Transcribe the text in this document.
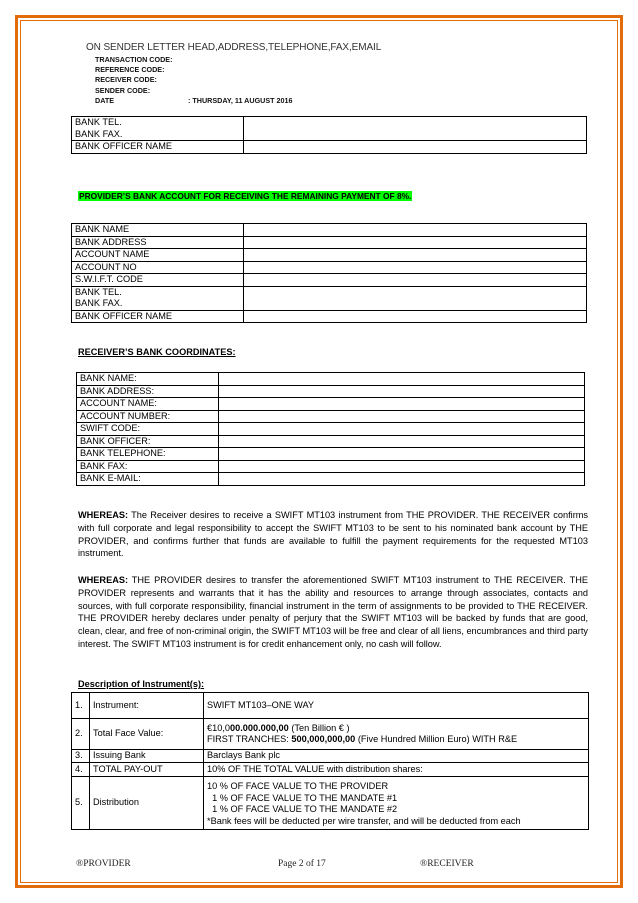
ON SENDER LETTER HEAD,ADDRESS,TELEPHONE,FAX,EMAIL
TRANSACTION CODE:
REFERENCE CODE:
RECEIVER CODE:
SENDER CODE:
DATE	: THURSDAY, 11 AUGUST 2016
BANK TEL.
BANK FAX.	

BANK OFFICER NAME	
PROVIDER’S BANK ACCOUNT FOR RECEIVING THE REMAINING PAYMENT OF 8%.
BANK NAME	
BANK ADDRESS	
ACCOUNT NAME	
ACCOUNT NO	
S.W.I.F.T. CODE	

BANK TEL.
BANK FAX.	

BANK OFFICER NAME	
RECEIVER’S BANK COORDINATES:
BANK NAME:	
BANK ADDRESS:	
ACCOUNT NAME:	
ACCOUNT NUMBER:	
SWIFT CODE:	
BANK OFFICER:	
BANK TELEPHONE:	
BANK FAX:	
BANK E-MAIL:	
WHEREAS: The Receiver desires to receive a SWIFT MT103 instrument from THE PROVIDER. THE RECEIVER confirms with full corporate and legal responsibility to accept the SWIFT MT103 to be sent to his nominated bank account by THE PROVIDER, and confirms further that funds are available to fulfill the payment requirements for the requested MT103 instrument.
WHEREAS: THE PROVIDER desires to transfer the aforementioned SWIFT MT103 instrument to THE RECEIVER. THE PROVIDER represents and warrants that it has the ability and resources to arrange through associates, contacts and sources, with full corporate responsibility, financial instrument in the term of assignments to be provided to THE RECEIVER. THE PROVIDER hereby declares under penalty of perjury that the SWIFT MT103 will be backed by funds that are good, clean, clear, and free of non-criminal origin, the SWIFT MT103 will be free and clear of all liens, encumbrances and third party interest. The SWIFT MT103 instrument is for credit enhancement only, no cash will follow.
Description of Instrument(s):
1.	Instrument:	SWIFT MT103–ONE WAY
2.	Total Face Value:	€10,000.000.000,00 (Ten Billion € )
FIRST TRANCHES: 500,000,000,00 (Five Hundred Million Euro) WITH R&E

3.	Issuing Bank	Barclays Bank plc
4.	TOTAL PAY-OUT	10% OF THE TOTAL VALUE with distribution shares:
5.	Distribution	10 % OF FACE VALUE TO THE PROVIDER
1 % OF FACE VALUE TO THE MANDATE #1
1 % OF FACE VALUE TO THE MANDATE #2
*Bank fees will be deducted per wire transfer, and will be deducted from each
®PROVIDER	Page 2 of 17	®RECEIVER
